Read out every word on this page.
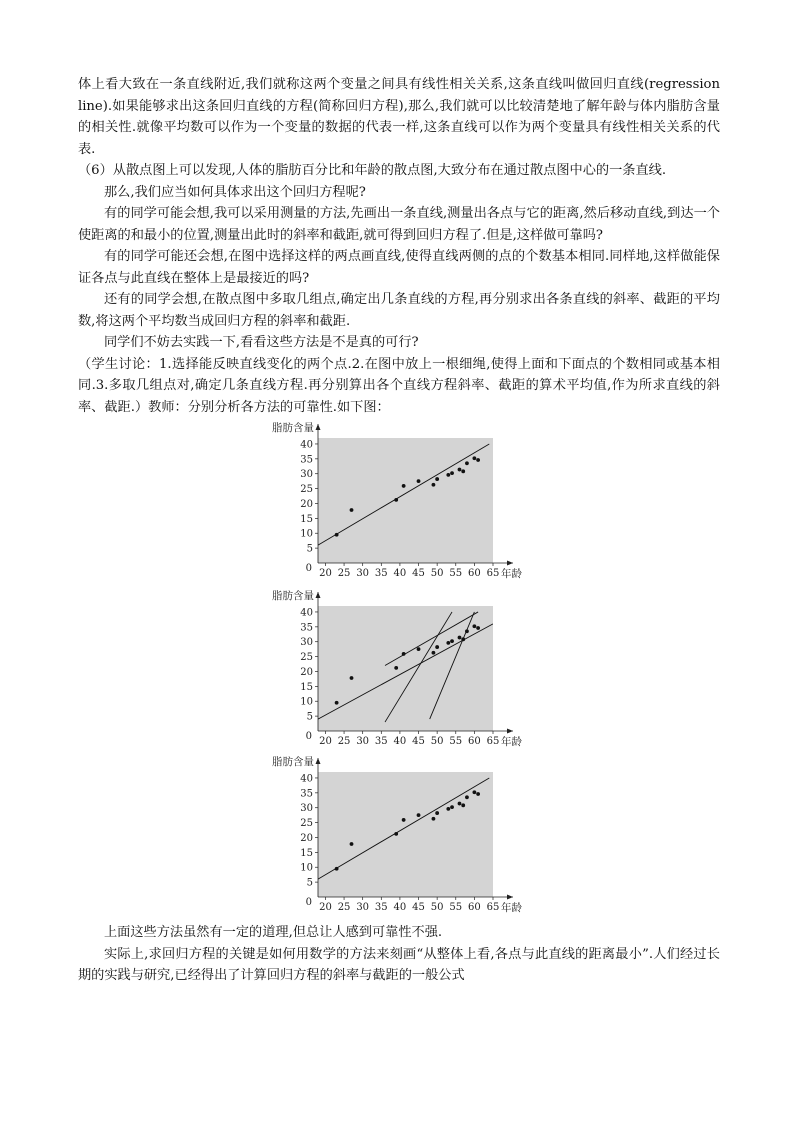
体上看大致在一条直线附近,我们就称这两个变量之间具有线性相关关系,这条直线叫做回归直线(regression line).如果能够求出这条回归直线的方程(简称回归方程),那么,我们就可以比较清楚地了解年龄与体内脂肪含量的相关性.就像平均数可以作为一个变量的数据的代表一样,这条直线可以作为两个变量具有线性相关关系的代表.

（6）从散点图上可以发现,人体的脂肪百分比和年龄的散点图,大致分布在通过散点图中心的一条直线.

那么,我们应当如何具体求出这个回归方程呢?

有的同学可能会想,我可以采用测量的方法,先画出一条直线,测量出各点与它的距离,然后移动直线,到达一个使距离的和最小的位置,测量出此时的斜率和截距,就可得到回归方程了.但是,这样做可靠吗?

有的同学可能还会想,在图中选择这样的两点画直线,使得直线两侧的点的个数基本相同.同样地,这样做能保证各点与此直线在整体上是最接近的吗?

还有的同学会想,在散点图中多取几组点,确定出几条直线的方程,再分别求出各条直线的斜率、截距的平均数,将这两个平均数当成回归方程的斜率和截距.

同学们不妨去实践一下,看看这些方法是不是真的可行?

（学生讨论：1.选择能反映直线变化的两个点.2.在图中放上一根细绳,使得上面和下面点的个数相同或基本相同.3.多取几组点对,确定几条直线方程.再分别算出各个直线方程斜率、截距的算术平均值,作为所求直线的斜率、截距.）教师：分别分析各方法的可靠性.如下图：

20 25 30 35 40 45 50 55 60 65
5
10
15
20
25
30
35
40
0
脂肪含量
年龄
20 25 30 35 40 45 50 55 60 65
5
10
15
20
25
30
35
40
0
脂肪含量
年龄
20 25 30 35 40 45 50 55 60 65
5
10
15
20
25
30
35
40
0
脂肪含量
年龄

上面这些方法虽然有一定的道理,但总让人感到可靠性不强.

实际上,求回归方程的关键是如何用数学的方法来刻画“从整体上看,各点与此直线的距离最小”.人们经过长期的实践与研究,已经得出了计算回归方程的斜率与截距的一般公式
